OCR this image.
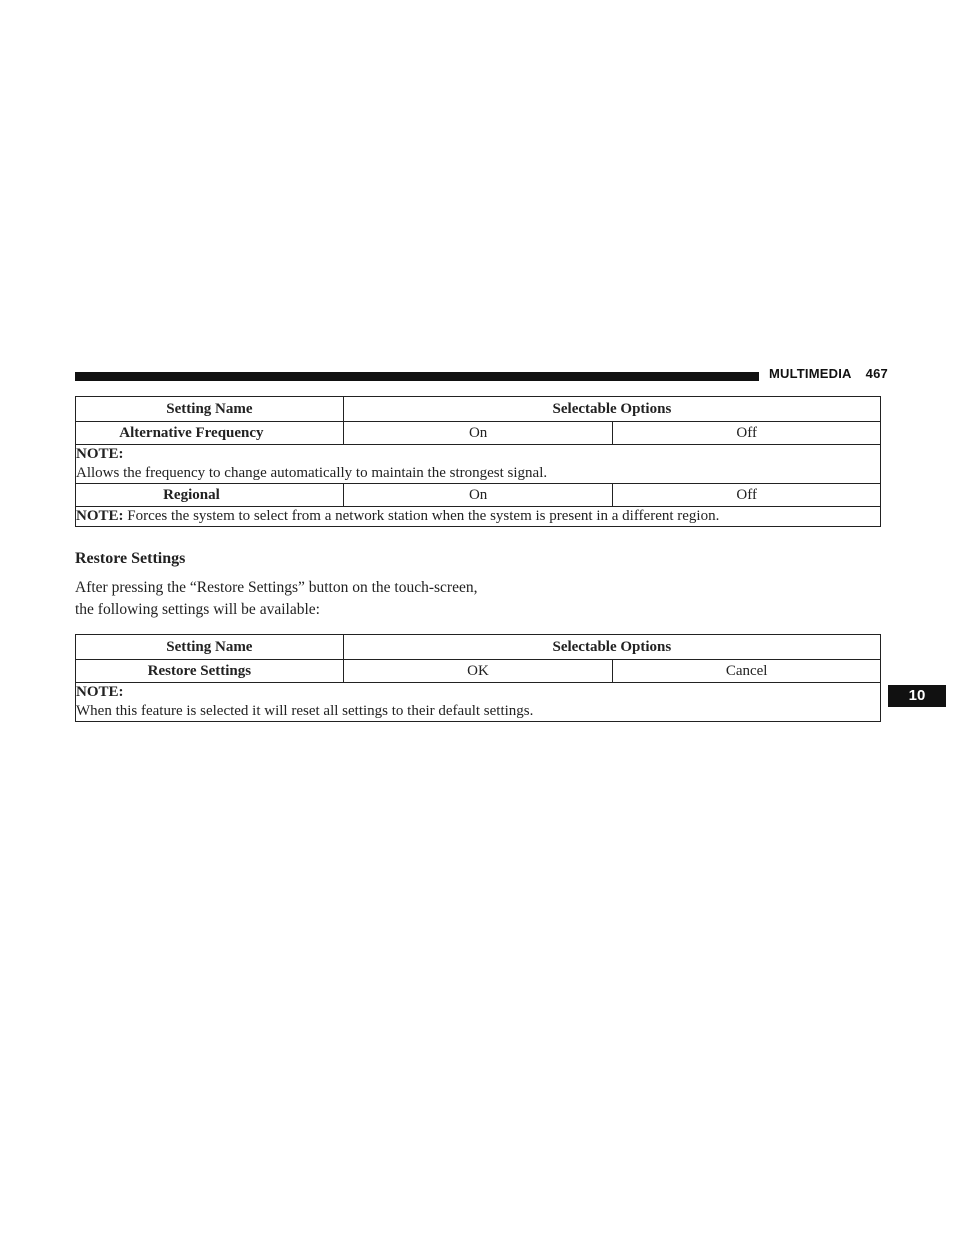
MULTIMEDIA 467
Setting Name	Selectable Options	
Alternative Frequency	On	Off
NOTE:
Allows the frequency to change automatically to maintain the strongest signal.		
Regional	On	Off
NOTE: Forces the system to select from a network station when the system is present in a different region.		
Restore Settings
After pressing the “Restore Settings” button on the touch-screen, the following settings will be available:
Setting Name	Selectable Options	
Restore Settings	OK	Cancel
NOTE:
When this feature is selected it will reset all settings to their default settings.		
10
